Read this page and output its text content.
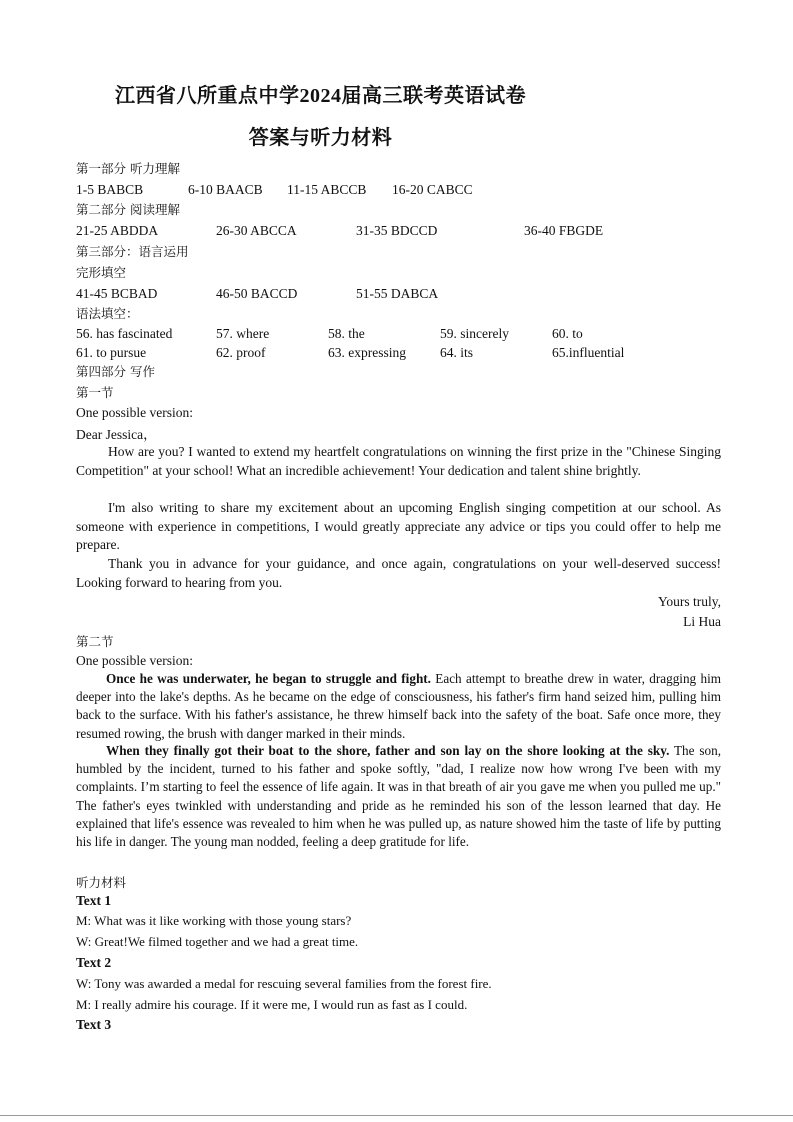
江西省八所重点中学2024届高三联考英语试卷
答案与听力材料
第一部分 听力理解
1-5 BABCB	6-10 BAACB 11-15 ABCCB 16-20 CABCC
第二部分 阅读理解
21-25 ABDDA	26-30 ABCCA	31-35 BDCCD	36-40 FBGDE
第三部分：语言运用
完形填空
41-45 BCBAD	46-50 BACCD	51-55 DABCA
语法填空：
56. has fascinated	57. where	58. the	59. sincerely	60. to
61. to pursue	62. proof	63. expressing	64. its	65.influential
第四部分 写作
第一节
One possible version:
Dear Jessica，
How are you? I wanted to extend my heartfelt congratulations on winning the first prize in the "Chinese Singing Competition" at your school! What an incredible achievement! Your dedication and talent shine brightly.
I'm also writing to share my excitement about an upcoming English singing competition at our school. As someone with experience in competitions, I would greatly appreciate any advice or tips you could offer to help me prepare.
Thank you in advance for your guidance, and once again, congratulations on your well-deserved success! Looking forward to hearing from you.
Yours truly,
Li Hua
第二节
One possible version:
Once he was underwater, he began to struggle and fight. Each attempt to breathe drew in water, dragging him deeper into the lake's depths. As he became on the edge of consciousness, his father's firm hand seized him, pulling him back to the surface. With his father's assistance, he threw himself back into the safety of the boat. Safe once more, they resumed rowing, the brush with danger marked in their minds.
When they finally got their boat to the shore, father and son lay on the shore looking at the sky. The son, humbled by the incident, turned to his father and spoke softly, "dad, I realize now how wrong I've been with my complaints. I’m starting to feel the essence of life again. It was in that breath of air you gave me when you pulled me up." The father's eyes twinkled with understanding and pride as he reminded his son of the lesson learned that day. He explained that life's essence was revealed to him when he was pulled up, as nature showed him the taste of life by putting his life in danger. The young man nodded, feeling a deep gratitude for life.
听力材料
Text 1
M: What was it like working with those young stars?
W: Great!We filmed together and we had a great time.
Text 2
W: Tony was awarded a medal for rescuing several families from the forest fire.
M: I really admire his courage. If it were me, I would run as fast as I could.
Text 3
